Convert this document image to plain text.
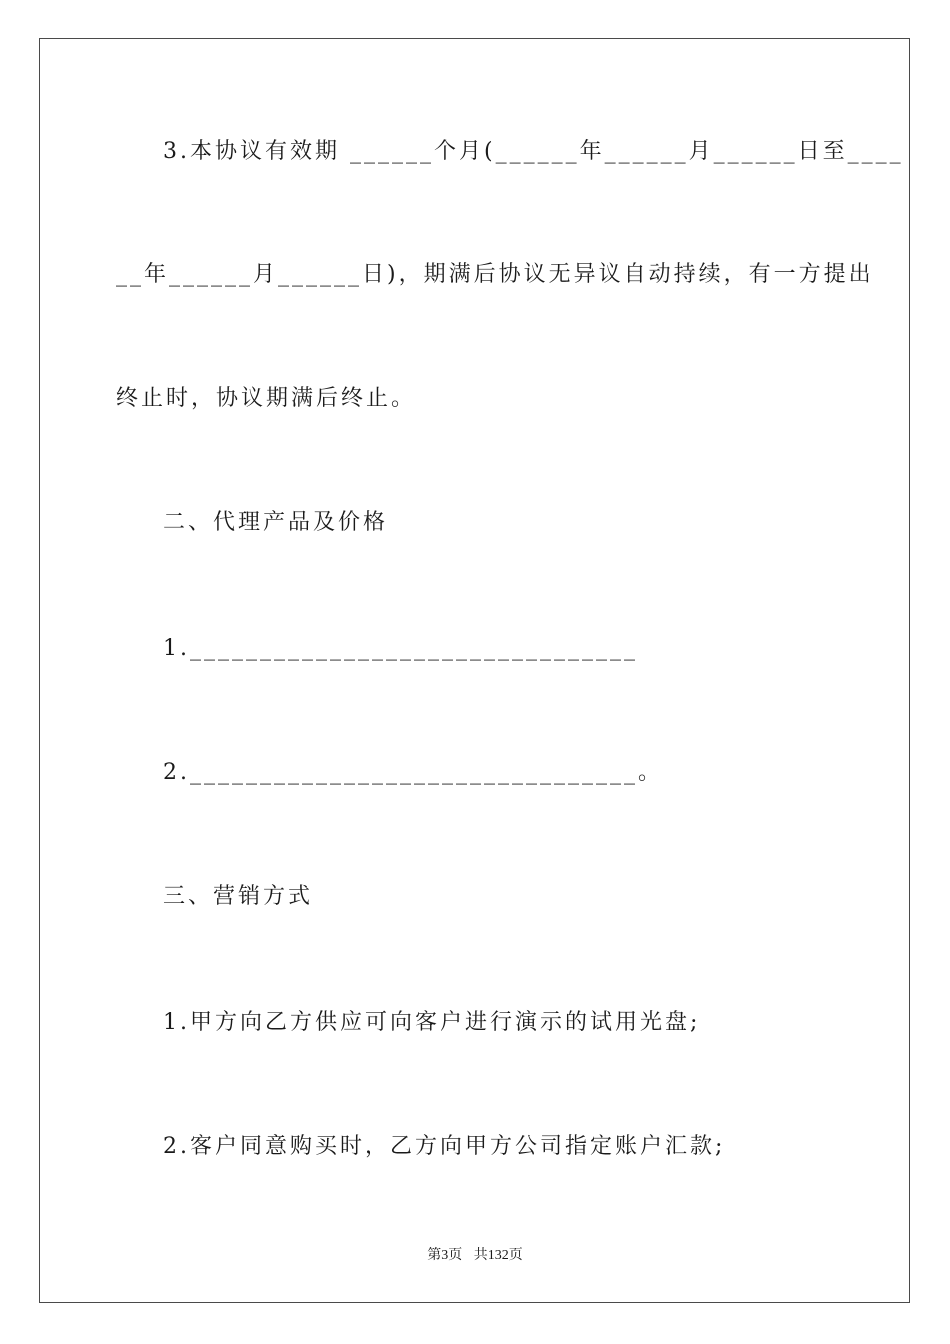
3.本协议有效期 ______个月(______年______月______日至____
__年______月______日)，期满后协议无异议自动持续，有一方提出
终止时，协议期满后终止。
二、代理产品及价格
1.________________________________
2.________________________________。
三、营销方式
1.甲方向乙方供应可向客户进行演示的试用光盘;
2.客户同意购买时，乙方向甲方公司指定账户汇款;
第3页 共132页
